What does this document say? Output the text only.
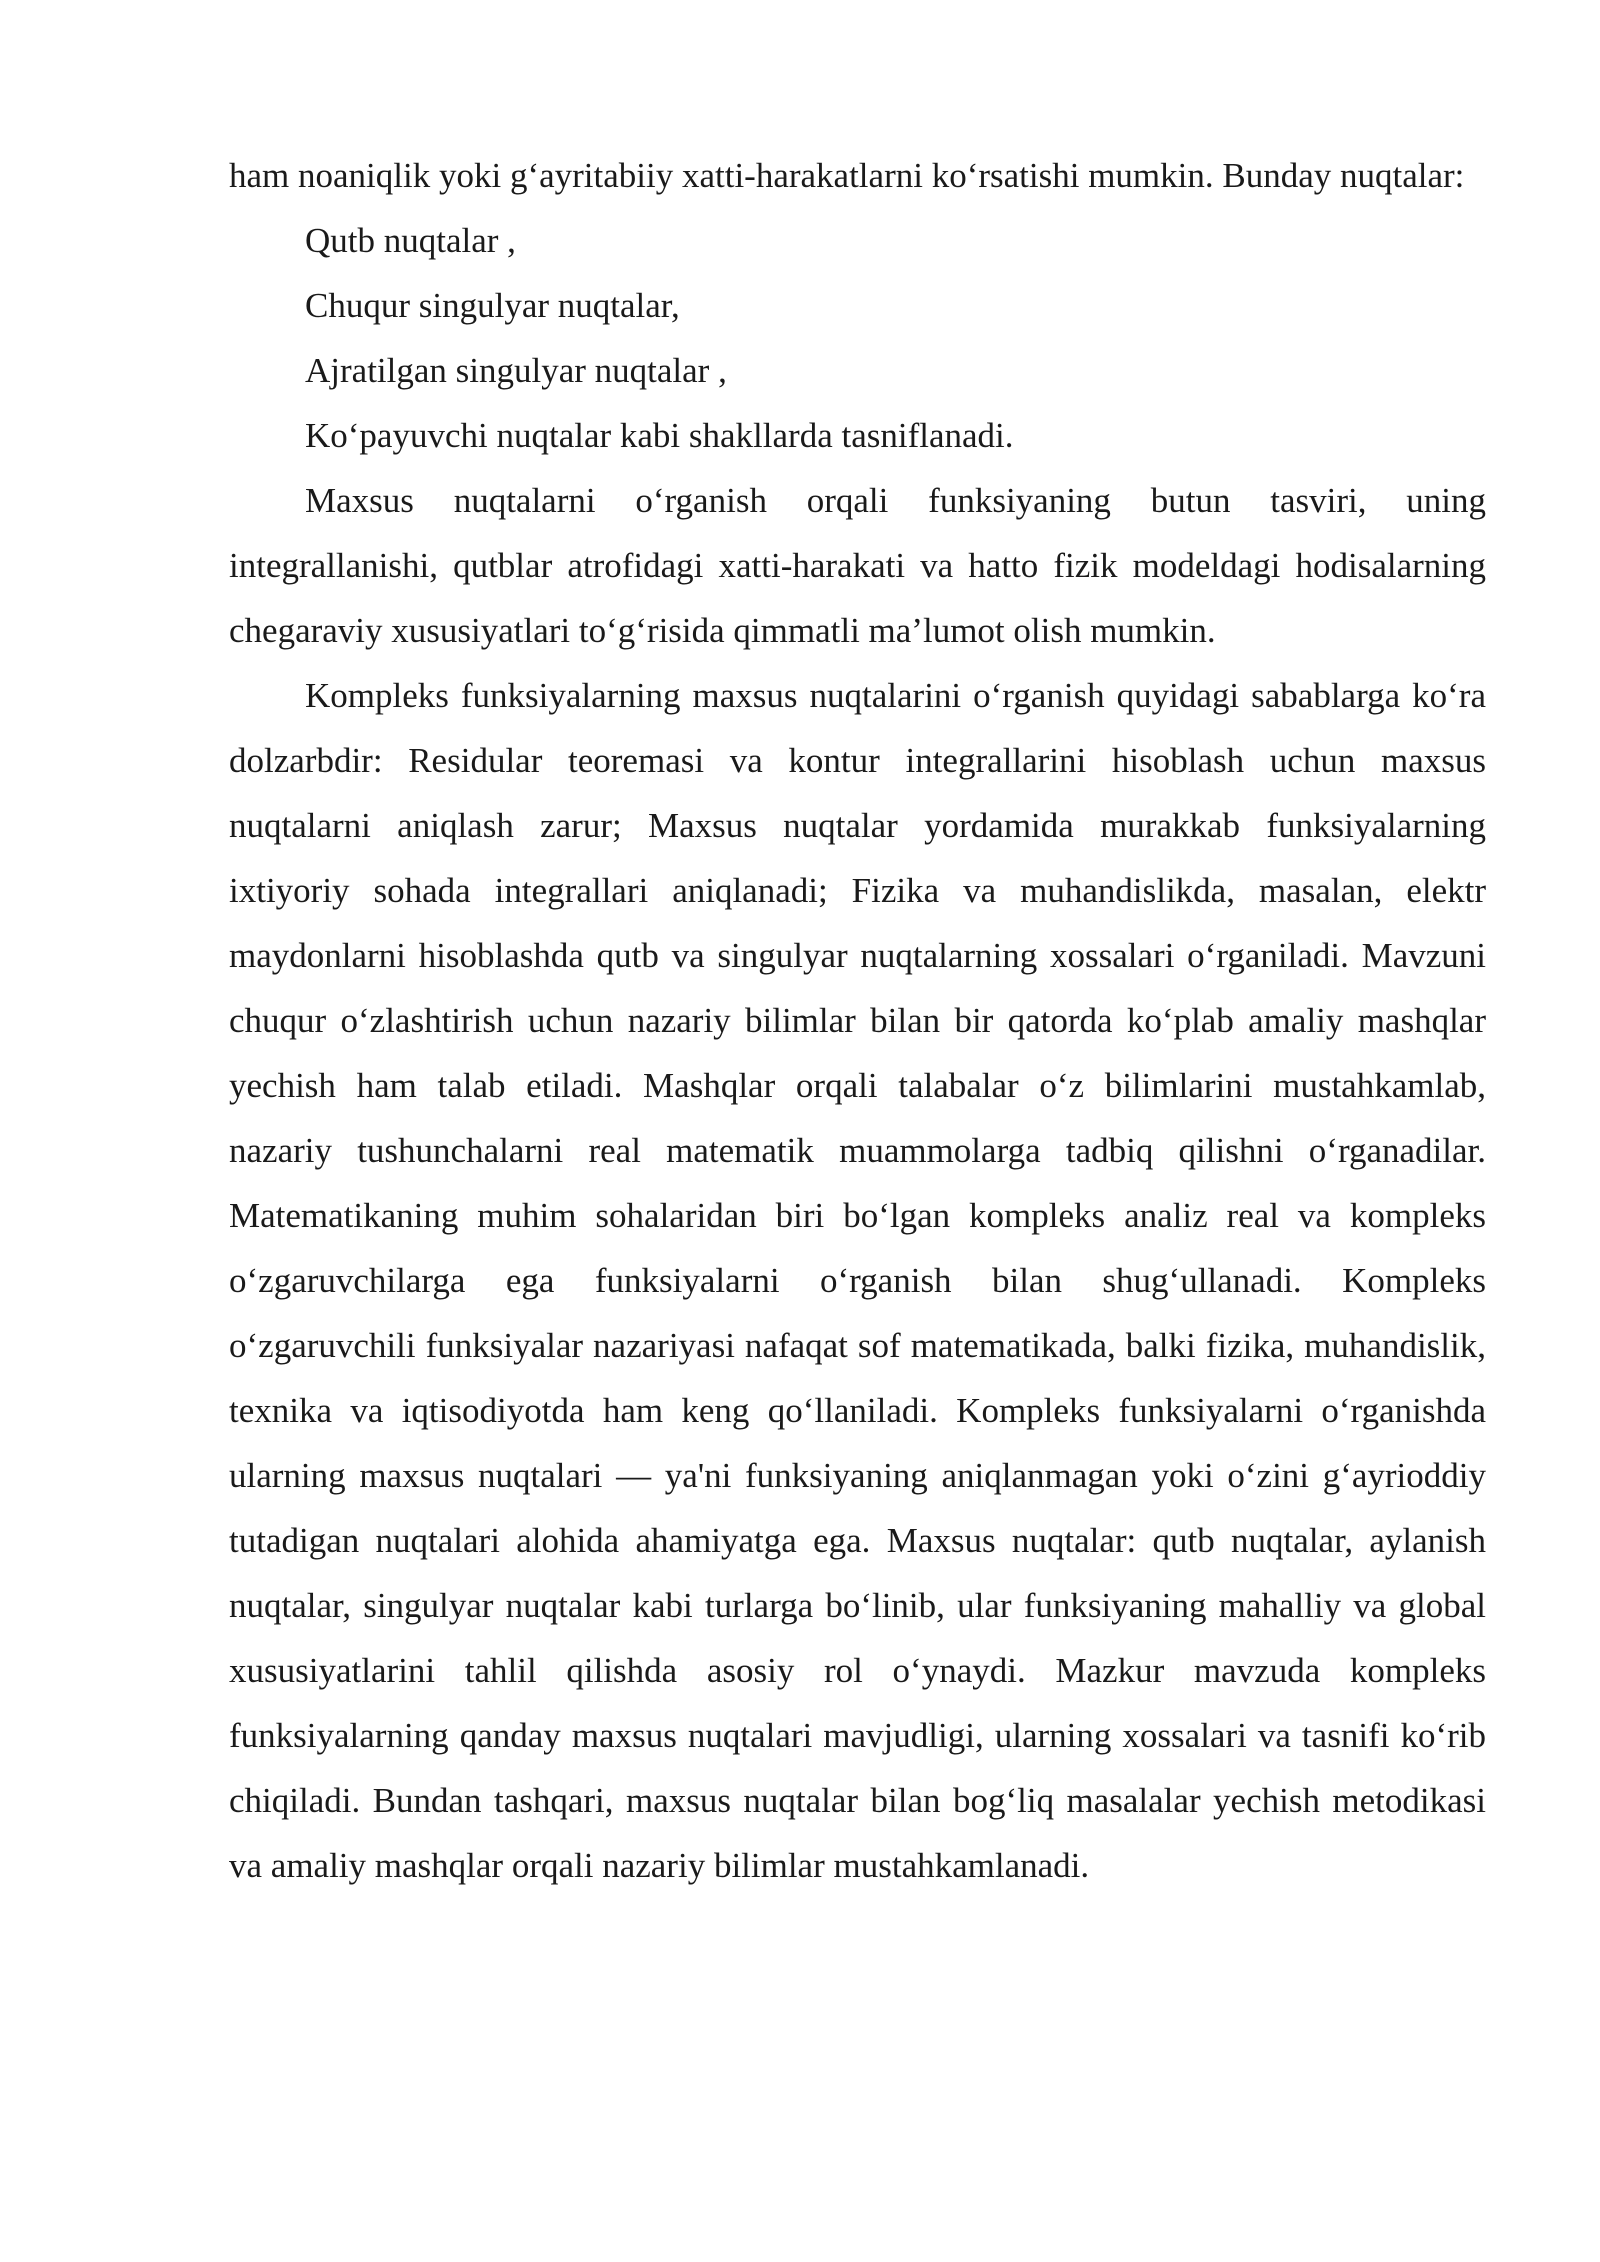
ham noaniqlik yoki g‘ayritabiiy xatti-harakatlarni ko‘rsatishi mumkin. Bunday nuqtalar:

Qutb nuqtalar ,

Chuqur singulyar nuqtalar,

Ajratilgan singulyar nuqtalar ,

Ko‘payuvchi nuqtalar kabi shakllarda tasniflanadi.

Maxsus nuqtalarni o‘rganish orqali funksiyaning butun tasviri, uning integrallanishi, qutblar atrofidagi xatti-harakati va hatto fizik modeldagi hodisalarning chegaraviy xususiyatlari to‘g‘risida qimmatli ma’lumot olish mumkin.

Kompleks funksiyalarning maxsus nuqtalarini o‘rganish quyidagi sabablarga ko‘ra dolzarbdir: Residular teoremasi va kontur integrallarini hisoblash uchun maxsus nuqtalarni aniqlash zarur; Maxsus nuqtalar yordamida murakkab funksiyalarning ixtiyoriy sohada integrallari aniqlanadi; Fizika va muhandislikda, masalan, elektr maydonlarni hisoblashda qutb va singulyar nuqtalarning xossalari o‘rganiladi. Mavzuni chuqur o‘zlashtirish uchun nazariy bilimlar bilan bir qatorda ko‘plab amaliy mashqlar yechish ham talab etiladi. Mashqlar orqali talabalar o‘z bilimlarini mustahkamlab, nazariy tushunchalarni real matematik muammolarga tadbiq qilishni o‘rganadilar. Matematikaning muhim sohalaridan biri bo‘lgan kompleks analiz real va kompleks o‘zgaruvchilarga ega funksiyalarni o‘rganish bilan shug‘ullanadi. Kompleks o‘zgaruvchili funksiyalar nazariyasi nafaqat sof matematikada, balki fizika, muhandislik, texnika va iqtisodiyotda ham keng qo‘llaniladi. Kompleks funksiyalarni o‘rganishda ularning maxsus nuqtalari — ya'ni funksiyaning aniqlanmagan yoki o‘zini g‘ayrioddiy tutadigan nuqtalari alohida ahamiyatga ega. Maxsus nuqtalar: qutb nuqtalar, aylanish nuqtalar, singulyar nuqtalar kabi turlarga bo‘linib, ular funksiyaning mahalliy va global xususiyatlarini tahlil qilishda asosiy rol o‘ynaydi. Mazkur mavzuda kompleks funksiyalarning qanday maxsus nuqtalari mavjudligi, ularning xossalari va tasnifi ko‘rib chiqiladi. Bundan tashqari, maxsus nuqtalar bilan bog‘liq masalalar yechish metodikasi va amaliy mashqlar orqali nazariy bilimlar mustahkamlanadi.
